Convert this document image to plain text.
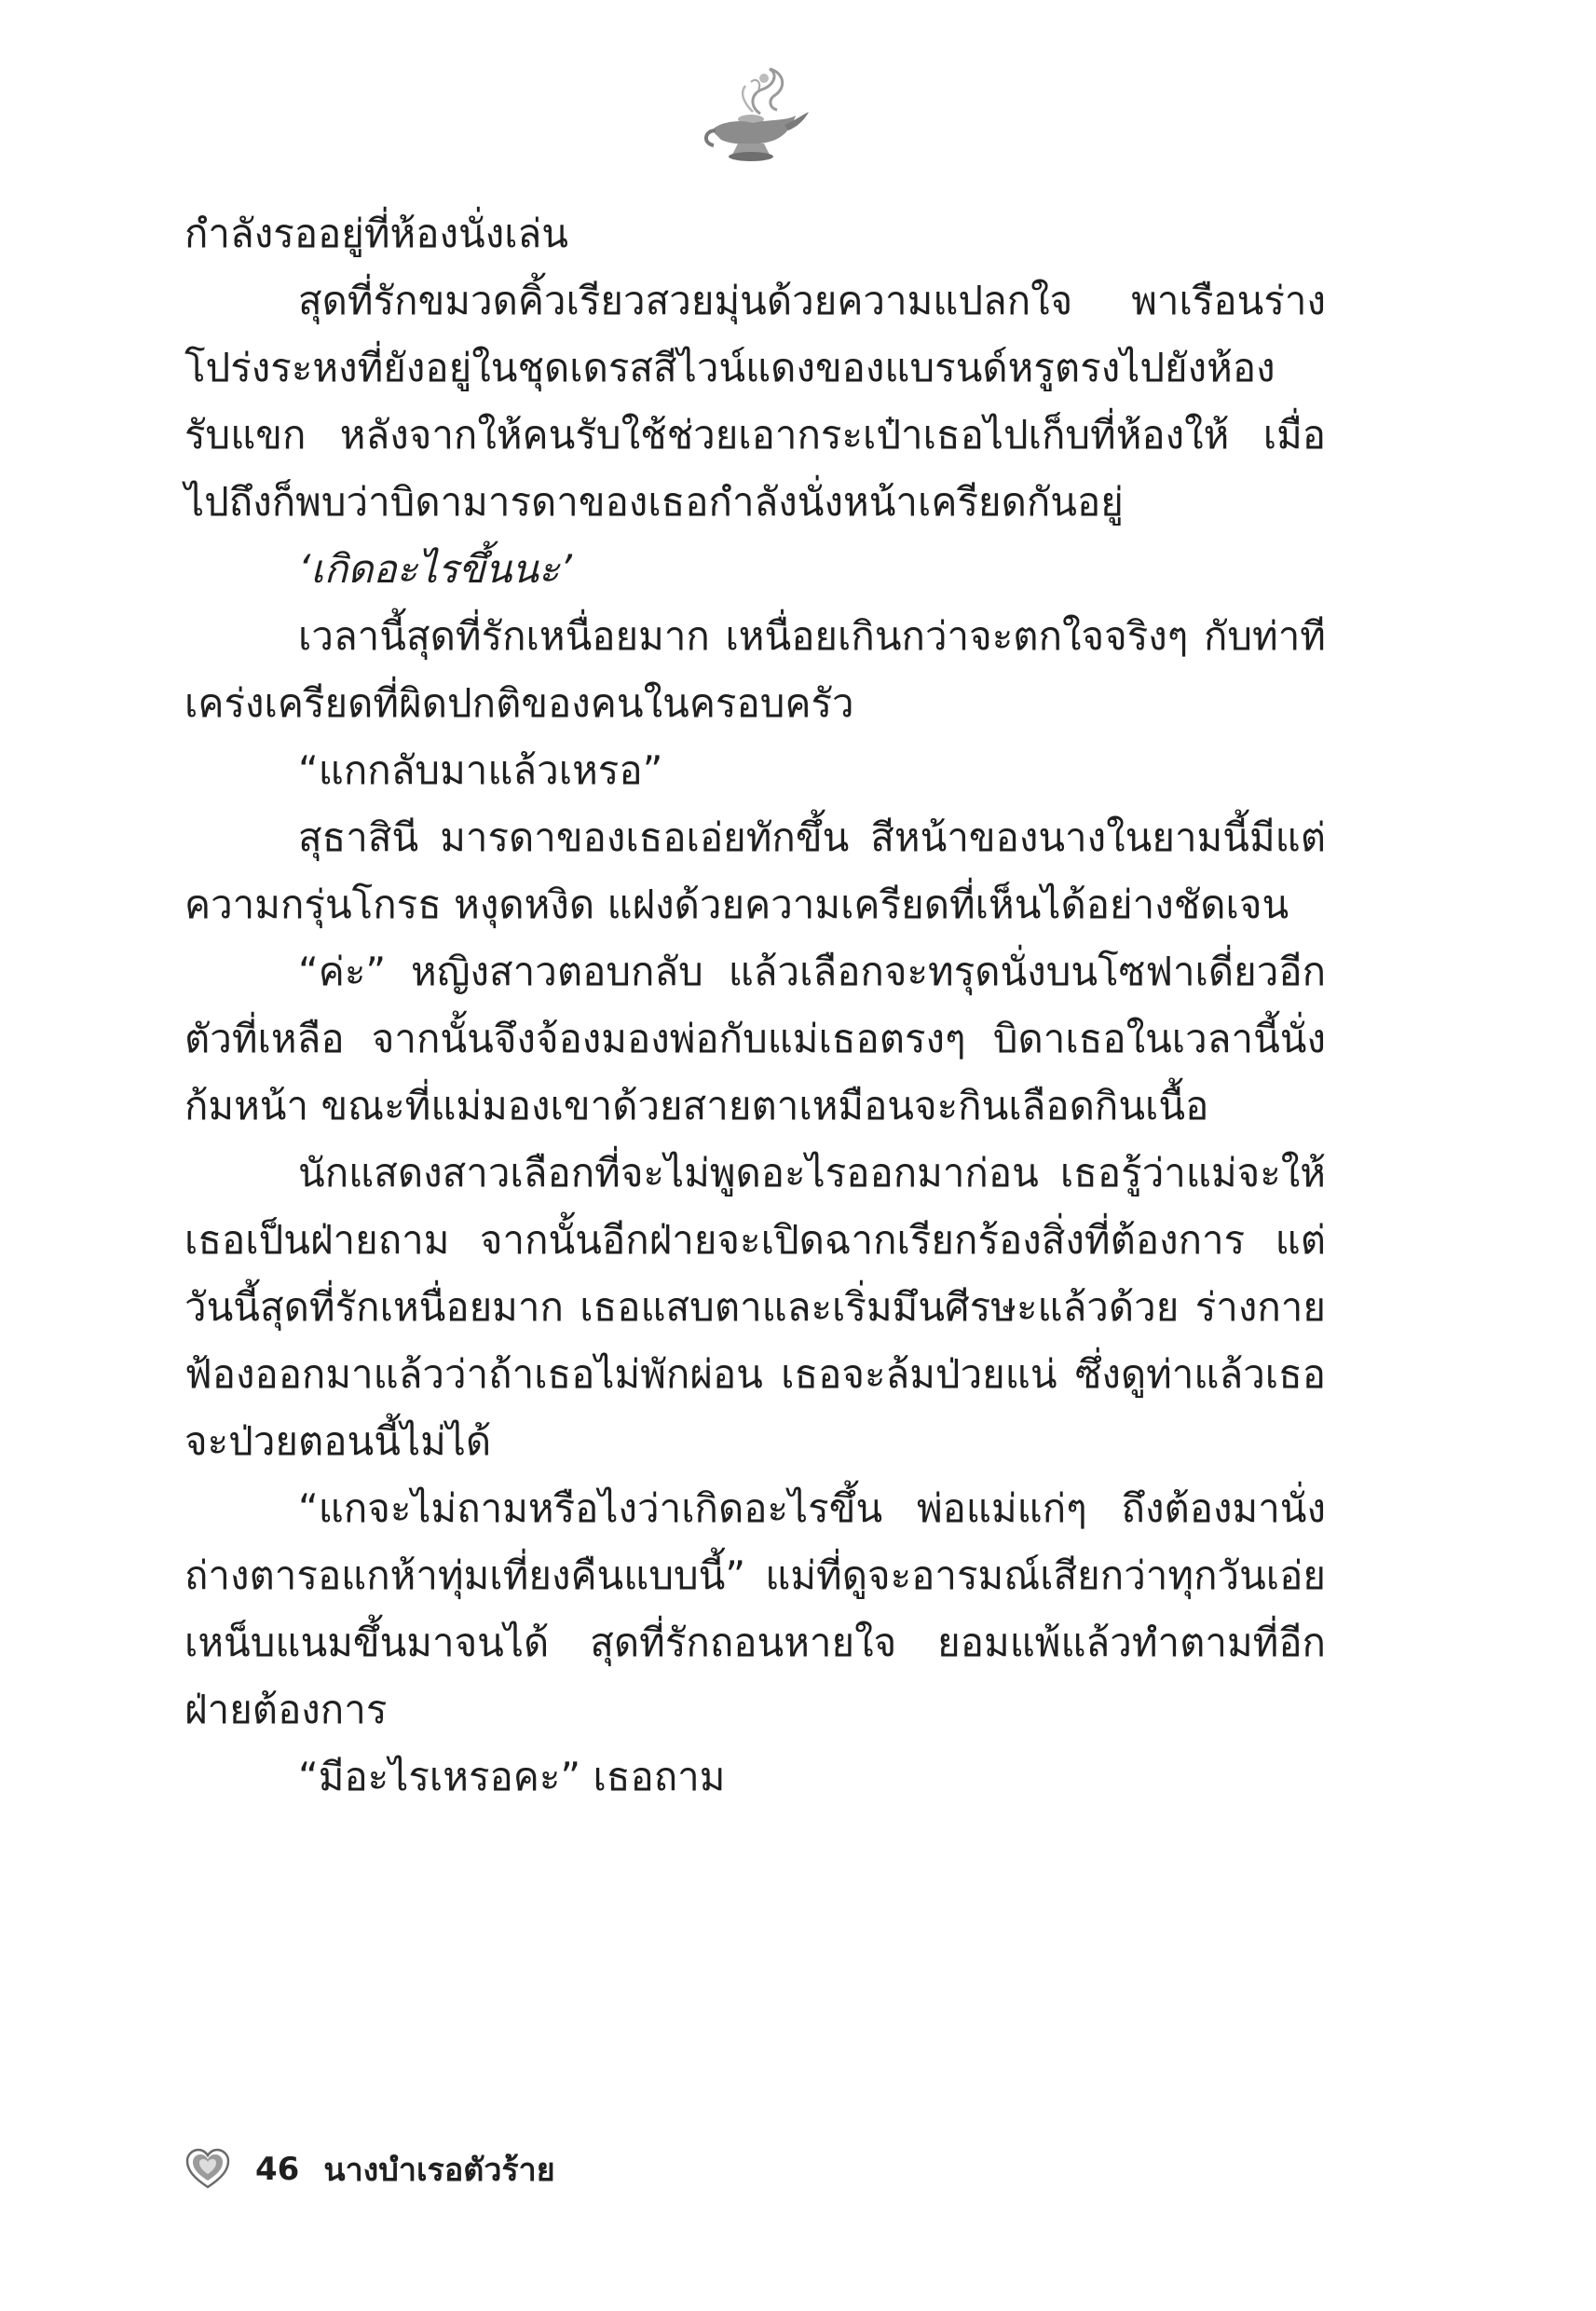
กำลังรออยู่ที่ห้องนั่งเล่น

สุดที่รักขมวดคิ้วเรียวสวยมุ่นด้วยความแปลกใจ พาเรือนร่างโปร่งระหงที่ยังอยู่ในชุดเดรสสีไวน์แดงของแบรนด์หรูตรงไปยังห้องรับแขก หลังจากให้คนรับใช้ช่วยเอากระเป๋าเธอไปเก็บที่ห้องให้ เมื่อไปถึงก็พบว่าบิดามารดาของเธอกำลังนั่งหน้าเครียดกันอยู่

‘เกิดอะไรขึ้นนะ’

เวลานี้สุดที่รักเหนื่อยมาก เหนื่อยเกินกว่าจะตกใจจริงๆ กับท่าทีเคร่งเครียดที่ผิดปกติของคนในครอบครัว

“แกกลับมาแล้วเหรอ”

สุธาสินี มารดาของเธอเอ่ยทักขึ้น สีหน้าของนางในยามนี้มีแต่ความกรุ่นโกรธ หงุดหงิด แฝงด้วยความเครียดที่เห็นได้อย่างชัดเจน

“ค่ะ” หญิงสาวตอบกลับ แล้วเลือกจะทรุดนั่งบนโซฟาเดี่ยวอีกตัวที่เหลือ จากนั้นจึงจ้องมองพ่อกับแม่เธอตรงๆ บิดาเธอในเวลานี้นั่งก้มหน้า ขณะที่แม่มองเขาด้วยสายตาเหมือนจะกินเลือดกินเนื้อ

นักแสดงสาวเลือกที่จะไม่พูดอะไรออกมาก่อน เธอรู้ว่าแม่จะให้เธอเป็นฝ่ายถาม จากนั้นอีกฝ่ายจะเปิดฉากเรียกร้องสิ่งที่ต้องการ แต่วันนี้สุดที่รักเหนื่อยมาก เธอแสบตาและเริ่มมึนศีรษะแล้วด้วย ร่างกายฟ้องออกมาแล้วว่าถ้าเธอไม่พักผ่อน เธอจะล้มป่วยแน่ ซึ่งดูท่าแล้วเธอจะป่วยตอนนี้ไม่ได้

“แกจะไม่ถามหรือไงว่าเกิดอะไรขึ้น พ่อแม่แก่ๆ ถึงต้องมานั่งถ่างตารอแกห้าทุ่มเที่ยงคืนแบบนี้” แม่ที่ดูจะอารมณ์เสียกว่าทุกวันเอ่ยเหน็บแนมขึ้นมาจนได้ สุดที่รักถอนหายใจ ยอมแพ้แล้วทำตามที่อีกฝ่ายต้องการ

“มีอะไรเหรอคะ” เธอถาม

46 นางบำเรอตัวร้าย
